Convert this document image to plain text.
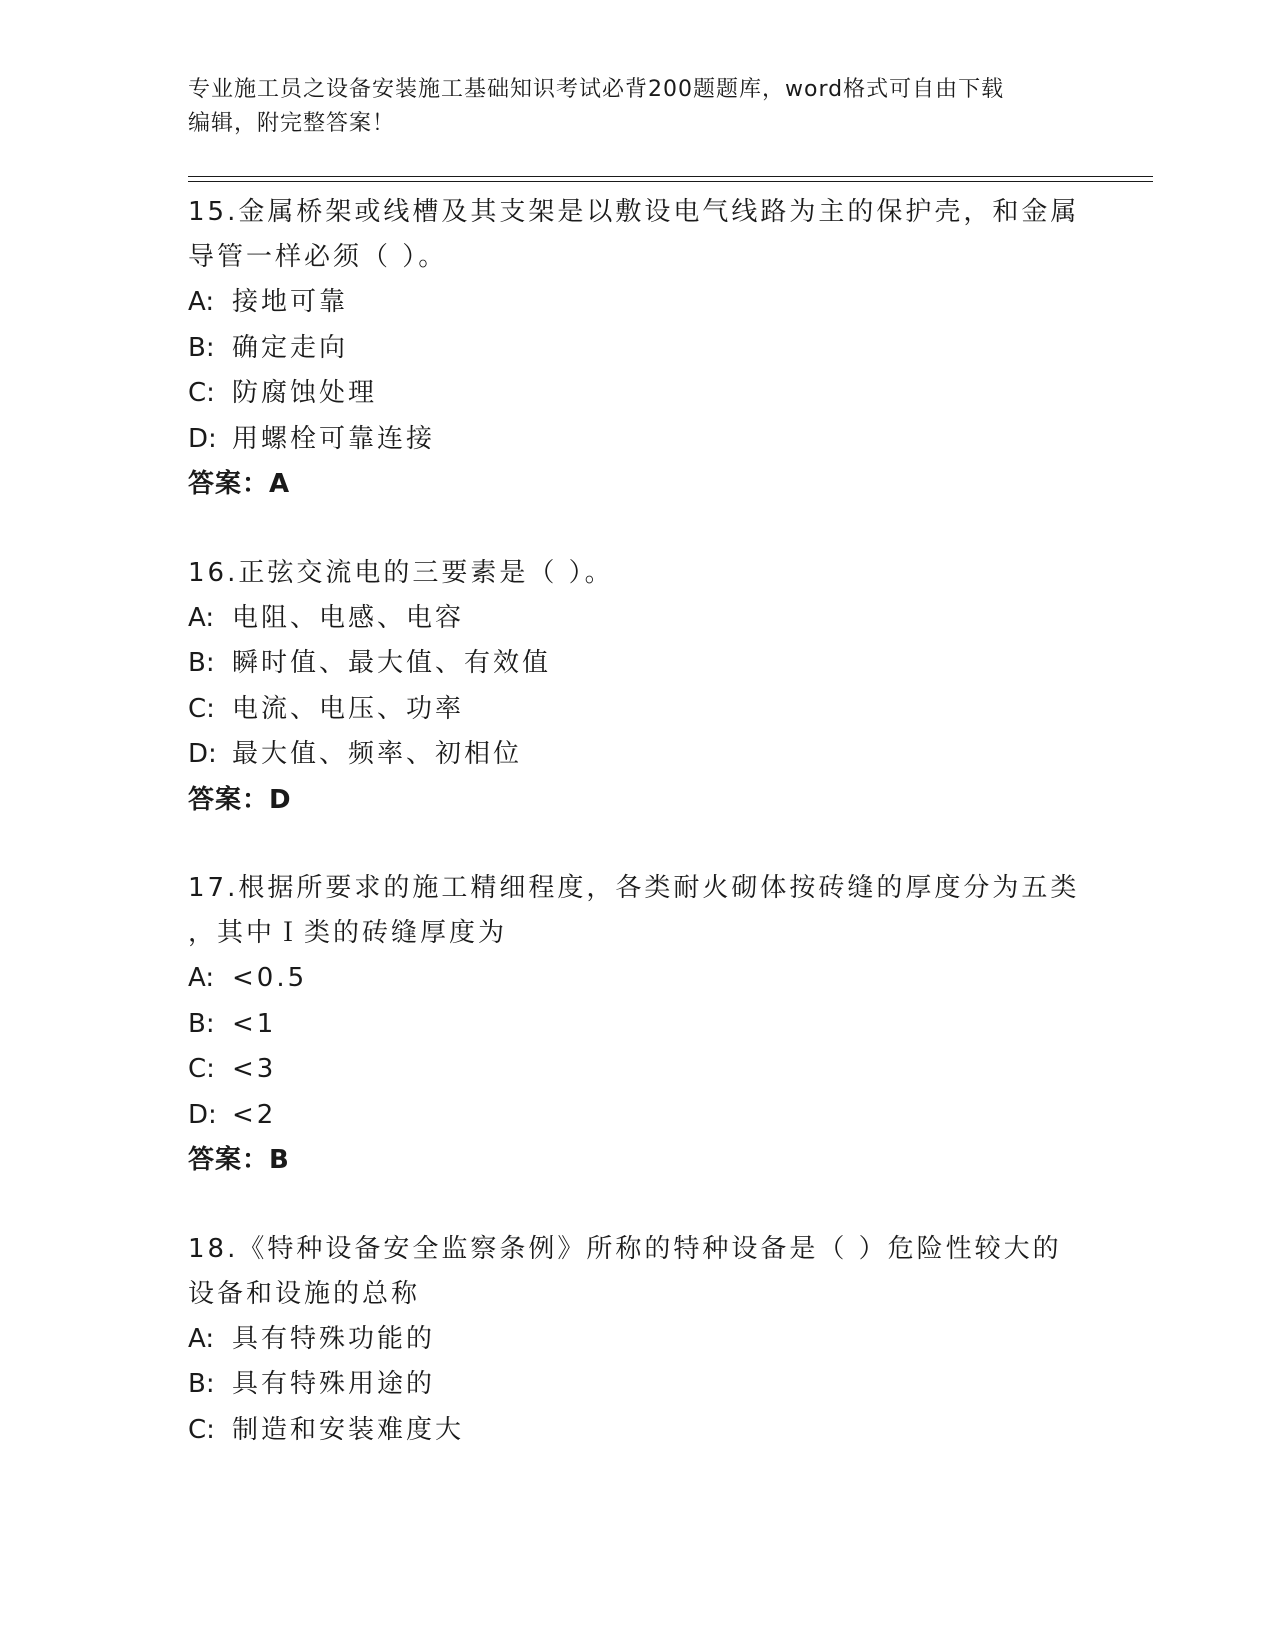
专业施工员之设备安装施工基础知识考试必背200题题库，word格式可自由下载
编辑，附完整答案！
15.金属桥架或线槽及其支架是以敷设电气线路为主的保护壳，和金属
导管一样必须（ ）。
A: 接地可靠
B: 确定走向
C: 防腐蚀处理
D: 用螺栓可靠连接
答案：A
16.正弦交流电的三要素是（ ）。
A: 电阻、电感、电容
B: 瞬时值、最大值、有效值
C: 电流、电压、功率
D: 最大值、频率、初相位
答案：D
17.根据所要求的施工精细程度，各类耐火砌体按砖缝的厚度分为五类
，其中Ｉ类的砖缝厚度为
A: <0.5
B: <1
C: <3
D: <2
答案：B
18.《特种设备安全监察条例》所称的特种设备是（ ）危险性较大的
设备和设施的总称
A: 具有特殊功能的
B: 具有特殊用途的
C: 制造和安装难度大
